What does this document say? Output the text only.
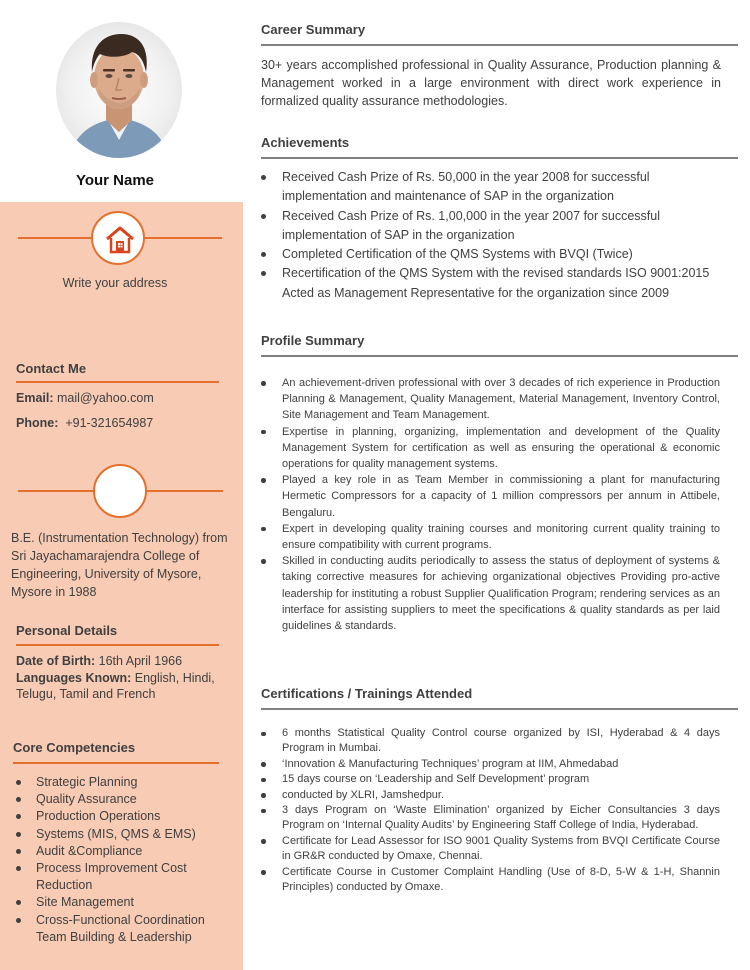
Your Name
Write your address
Contact Me
Email: mail@yahoo.com
Phone: +91-321654987
B.E. (Instrumentation Technology) from Sri Jayachamarajendra College of Engineering, University of Mysore, Mysore in 1988
Personal Details
Date of Birth: 16th April 1966
Languages Known: English, Hindi, Telugu, Tamil and French
Core Competencies
Strategic Planning
Quality Assurance
Production Operations
Systems (MIS, QMS & EMS)
Audit &Compliance
Process Improvement Cost Reduction
Site Management
Cross-Functional Coordination Team Building & Leadership
Career Summary
30+ years accomplished professional in Quality Assurance, Production planning & Management worked in a large environment with direct work experience in formalized quality assurance methodologies.
Achievements
Received Cash Prize of Rs. 50,000 in the year 2008 for successful implementation and maintenance of SAP in the organization
Received Cash Prize of Rs. 1,00,000 in the year 2007 for successful implementation of SAP in the organization
Completed Certification of the QMS Systems with BVQI (Twice)
Recertification of the QMS System with the revised standards ISO 9001:2015 Acted as Management Representative for the organization since 2009
Profile Summary
An achievement-driven professional with over 3 decades of rich experience in Production Planning & Management, Quality Management, Material Management, Inventory Control, Site Management and Team Management.
Expertise in planning, organizing, implementation and development of the Quality Management System for certification as well as ensuring the operational & economic operations for quality management systems.
Played a key role in as Team Member in commissioning a plant for manufacturing Hermetic Compressors for a capacity of 1 million compressors per annum in Attibele, Bengaluru.
Expert in developing quality training courses and monitoring current quality training to ensure compatibility with current programs.
Skilled in conducting audits periodically to assess the status of deployment of systems & taking corrective measures for achieving organizational objectives Providing pro-active leadership for instituting a robust Supplier Qualification Program; rendering services as an interface for assisting suppliers to meet the specifications & quality standards as per laid guidelines & standards.
Certifications / Trainings Attended
6 months Statistical Quality Control course organized by ISI, Hyderabad & 4 days Program in Mumbai.
‘Innovation & Manufacturing Techniques’ program at IIM, Ahmedabad
15 days course on ‘Leadership and Self Development’ program
conducted by XLRI, Jamshedpur.
3 days Program on ‘Waste Elimination’ organized by Eicher Consultancies 3 days Program on ‘Internal Quality Audits’ by Engineering Staff College of India, Hyderabad.
Certificate for Lead Assessor for ISO 9001 Quality Systems from BVQI Certificate Course in GR&R conducted by Omaxe, Chennai.
Certificate Course in Customer Complaint Handling (Use of 8-D, 5-W & 1-H, Shannin Principles) conducted by Omaxe.
